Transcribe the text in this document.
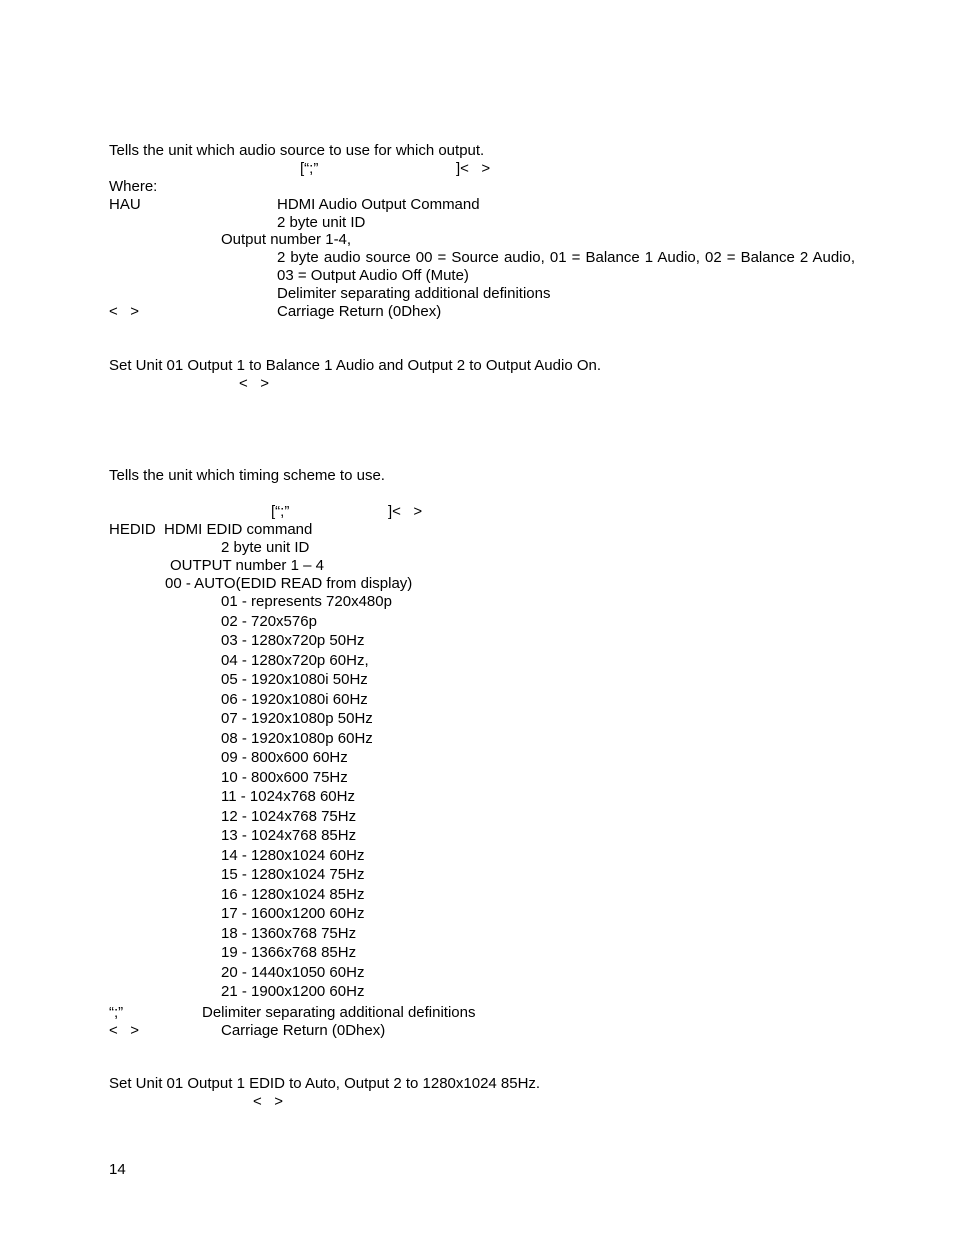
Tells the unit which audio source to use for which output.
[“;”	]<   >
Where:
HAU	HDMI Audio Output Command
2 byte unit ID
Output number 1-4,
2 byte audio source 00 = Source audio, 01 = Balance 1 Audio, 02 = Balance 2 Audio, 03 = Output Audio Off (Mute)
Delimiter separating additional definitions
<   >	Carriage Return (0Dhex)
Set Unit 01 Output 1 to Balance 1 Audio and Output 2 to Output Audio On.
<   >
Tells the unit which timing scheme to use.
[“;”	]<   >
HEDID  HDMI EDID command
2 byte unit ID
OUTPUT number 1 – 4
00 - AUTO(EDID READ from display)
01 - represents 720x480p
02 - 720x576p
03 - 1280x720p 50Hz
04 - 1280x720p 60Hz,
05 - 1920x1080i 50Hz
06 - 1920x1080i 60Hz
07 - 1920x1080p 50Hz
08 - 1920x1080p 60Hz
09 - 800x600 60Hz
10 - 800x600 75Hz
11 - 1024x768 60Hz
12 - 1024x768 75Hz
13 - 1024x768 85Hz
14 - 1280x1024 60Hz
15 - 1280x1024 75Hz
16 - 1280x1024 85Hz
17 - 1600x1200 60Hz
18 - 1360x768 75Hz
19 - 1366x768 85Hz
20 - 1440x1050 60Hz
21 - 1900x1200 60Hz
“;”	Delimiter separating additional definitions
<   >	Carriage Return (0Dhex)
Set Unit 01 Output 1 EDID to Auto, Output 2 to 1280x1024 85Hz.
<   >
14
